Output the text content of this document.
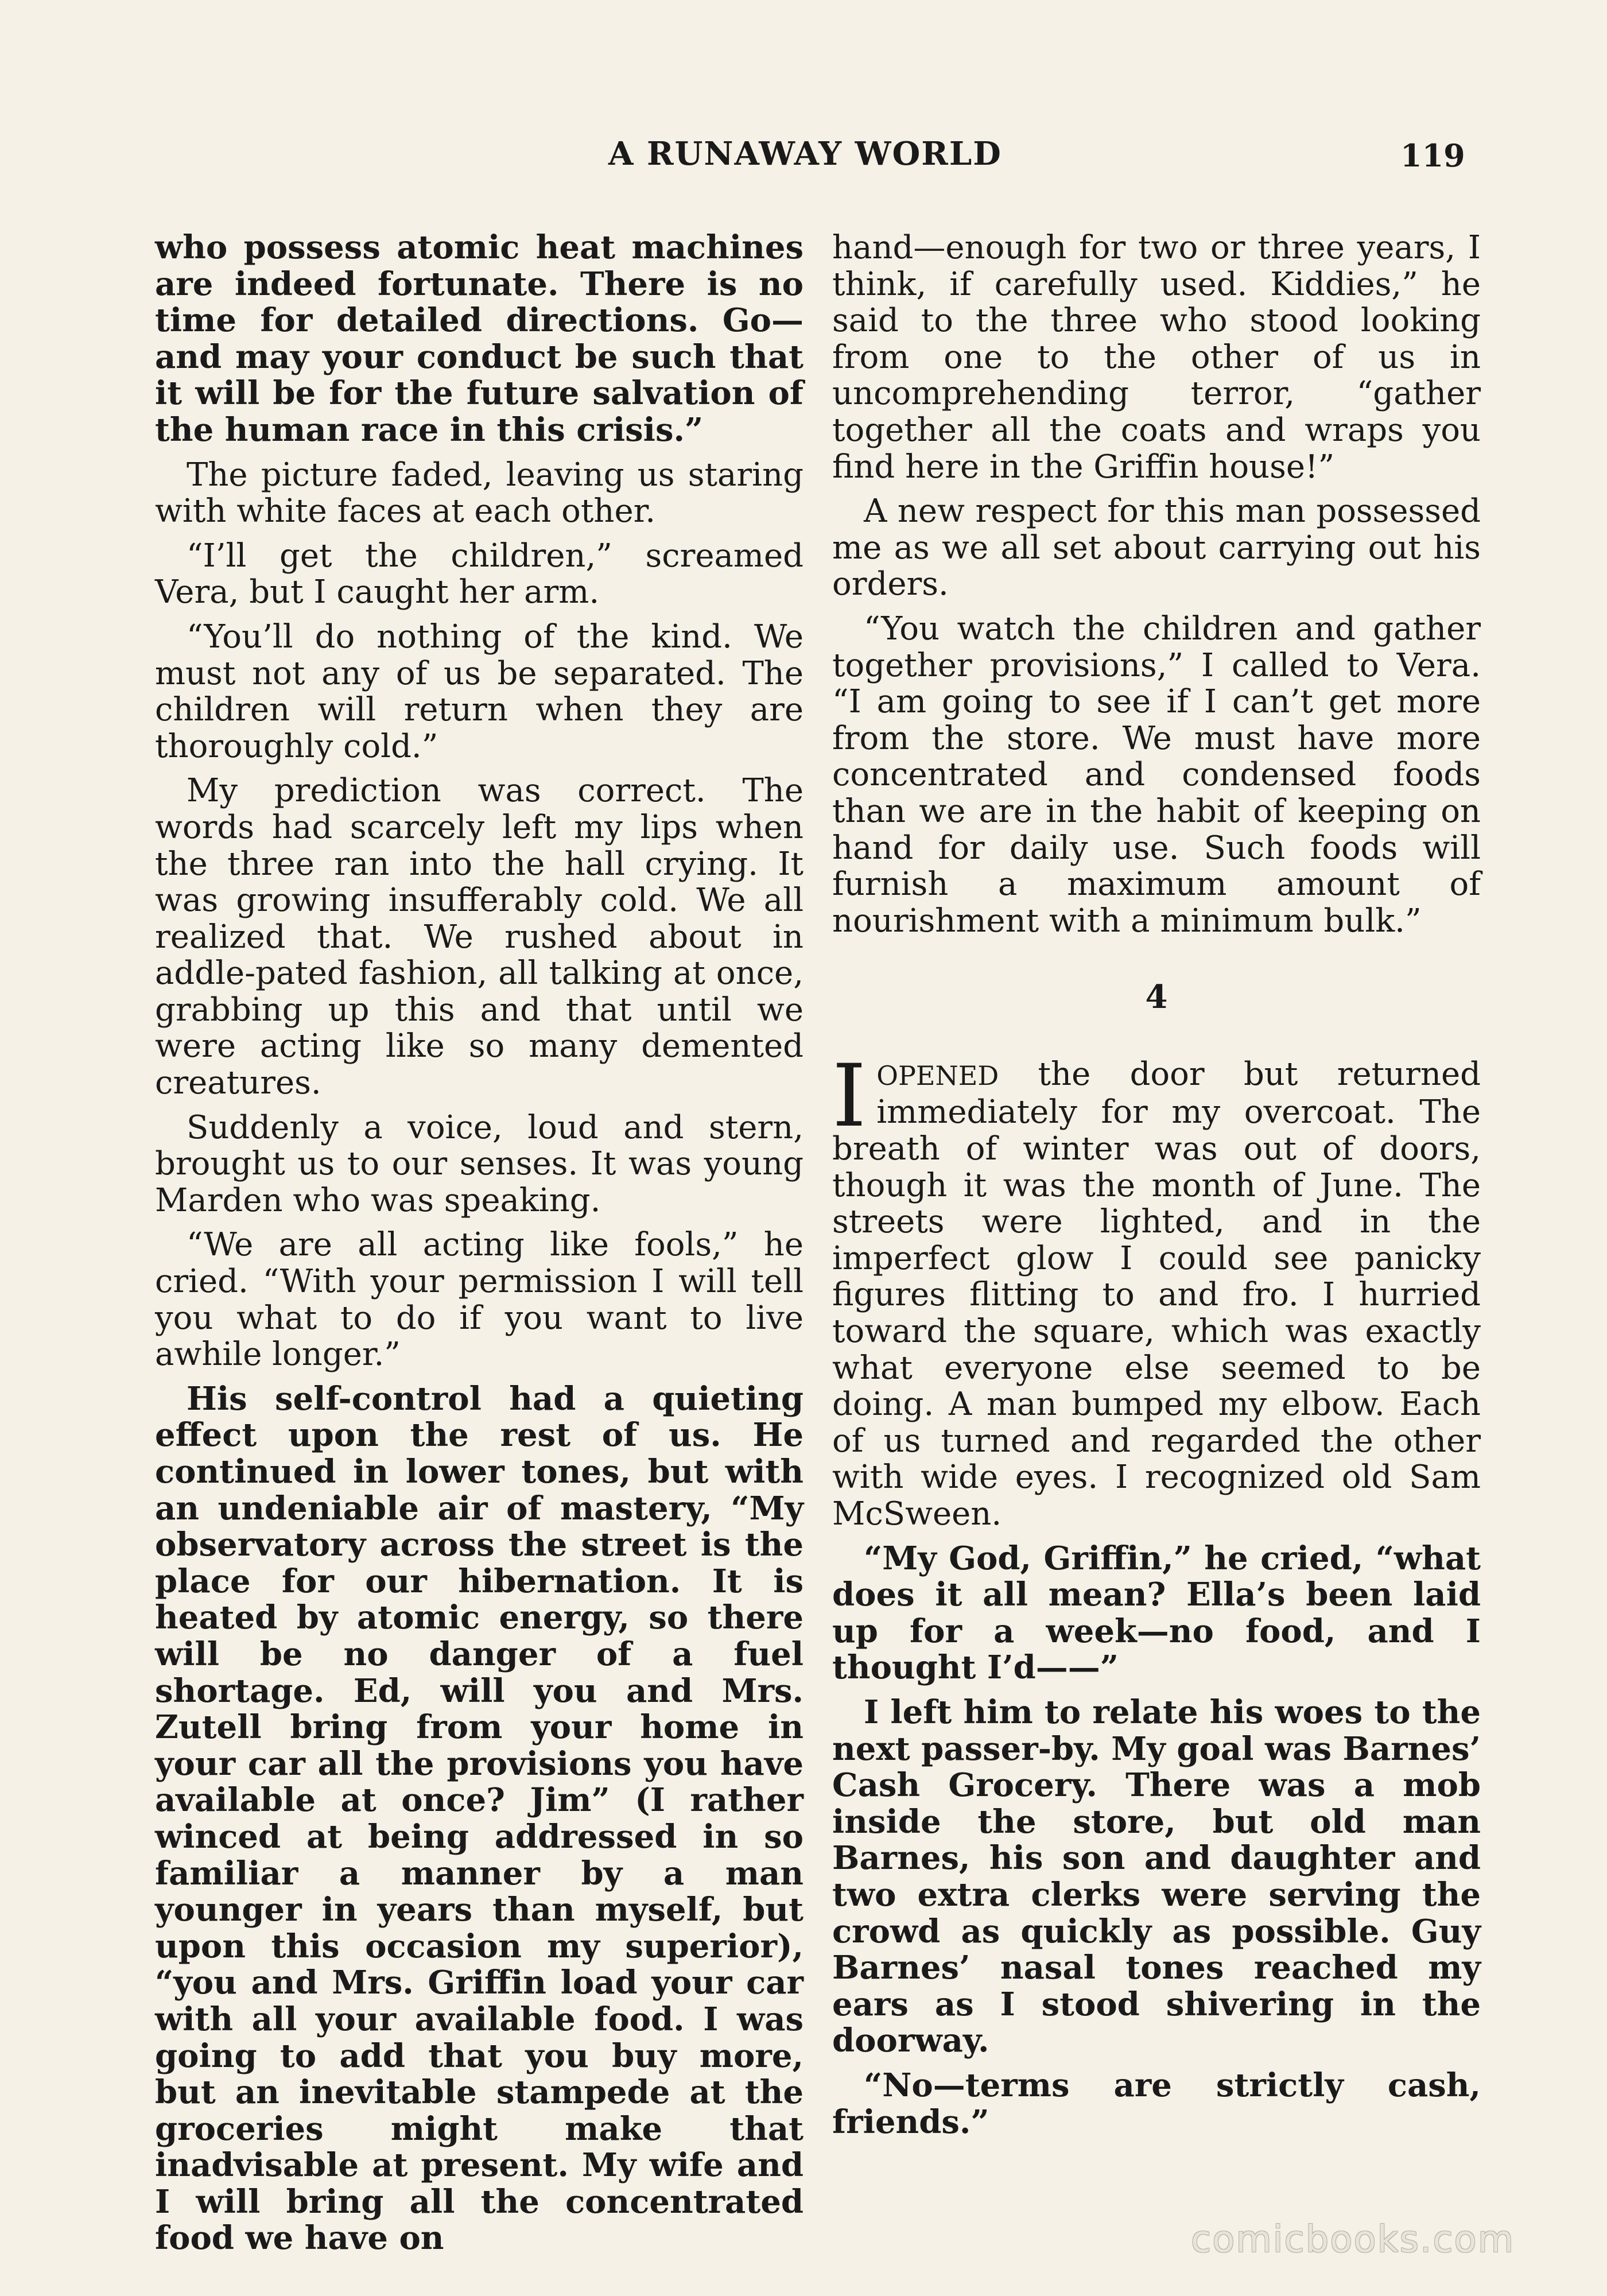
A RUNAWAY WORLD	119

who possess atomic heat machines are indeed fortunate. There is no time for detailed directions. Go—and may your conduct be such that it will be for the future salvation of the human race in this crisis.”

The picture faded, leaving us staring with white faces at each other.

“I’ll get the children,” screamed Vera, but I caught her arm.

“You’ll do nothing of the kind. We must not any of us be separated. The children will return when they are thoroughly cold.”

My prediction was correct. The words had scarcely left my lips when the three ran into the hall crying. It was growing insufferably cold. We all realized that. We rushed about in addle-pated fashion, all talking at once, grabbing up this and that until we were acting like so many demented creatures.

Suddenly a voice, loud and stern, brought us to our senses. It was young Marden who was speaking.

“We are all acting like fools,” he cried. “With your permission I will tell you what to do if you want to live awhile longer.”

His self-control had a quieting effect upon the rest of us. He continued in lower tones, but with an undeniable air of mastery, “My observatory across the street is the place for our hibernation. It is heated by atomic energy, so there will be no danger of a fuel shortage. Ed, will you and Mrs. Zutell bring from your home in your car all the provisions you have available at once? Jim” (I rather winced at being addressed in so familiar a manner by a man younger in years than myself, but upon this occasion my superior), “you and Mrs. Griffin load your car with all your available food. I was going to add that you buy more, but an inevitable stampede at the groceries might make that inadvisable at present. My wife and I will bring all the concentrated food we have on

hand—enough for two or three years, I think, if carefully used. Kiddies,” he said to the three who stood looking from one to the other of us in uncomprehending terror, “gather together all the coats and wraps you find here in the Griffin house!”

A new respect for this man possessed me as we all set about carrying out his orders.

“You watch the children and gather together provisions,” I called to Vera. “I am going to see if I can’t get more from the store. We must have more concentrated and condensed foods than we are in the habit of keeping on hand for daily use. Such foods will furnish a maximum amount of nourishment with a minimum bulk.”

4

IOPENED the door but returned immediately for my overcoat. The breath of winter was out of doors, though it was the month of June. The streets were lighted, and in the imperfect glow I could see panicky figures flitting to and fro. I hurried toward the square, which was exactly what everyone else seemed to be doing. A man bumped my elbow. Each of us turned and regarded the other with wide eyes. I recognized old Sam McSween.

“My God, Griffin,” he cried, “what does it all mean? Ella’s been laid up for a week—no food, and I thought I’d——”

I left him to relate his woes to the next passer-by. My goal was Barnes’ Cash Grocery. There was a mob inside the store, but old man Barnes, his son and daughter and two extra clerks were serving the crowd as quickly as possible. Guy Barnes’ nasal tones reached my ears as I stood shivering in the doorway.

“No—terms are strictly cash, friends.”

comicbooks.com
